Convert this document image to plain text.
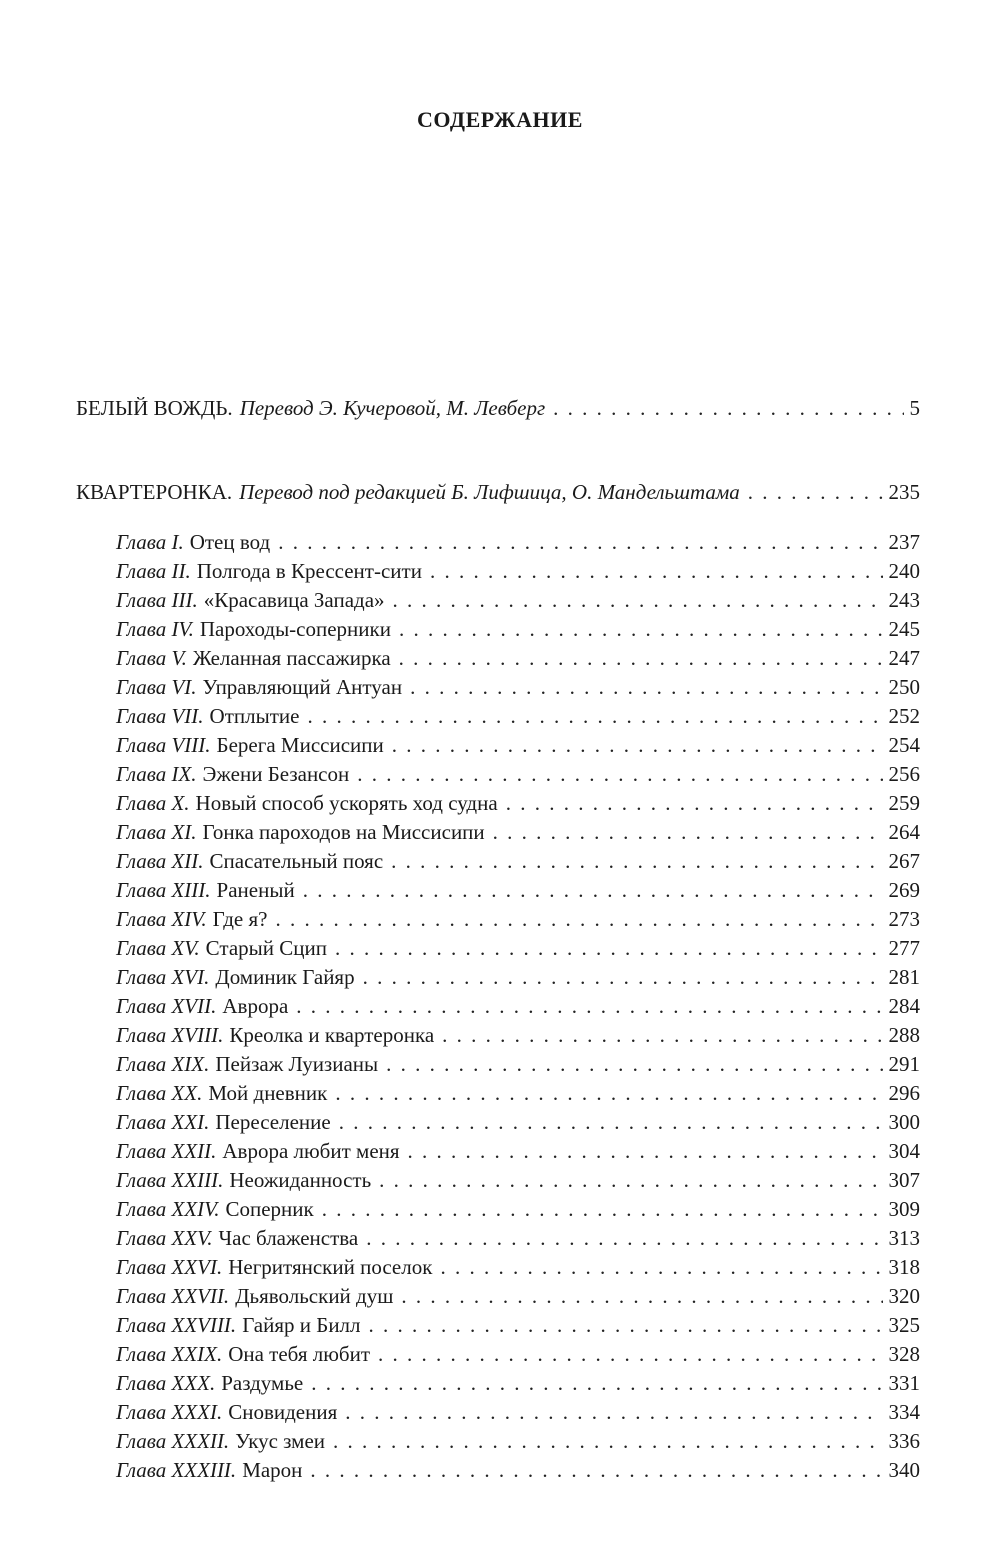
СОДЕРЖАНИЕ
БЕЛЫЙ ВОЖДЬ. Перевод Э. Кучеровой, М. Левберг . . .	5
КВАРТЕРОНКА. Перевод под редакцией Б. Лифшица, О. Мандельштама . . .	235
Глава I. Отец вод . . .	237
Глава II. Полгода в Крессент-сити . . .	240
Глава III. «Красавица Запада» . . .	243
Глава IV. Пароходы-соперники . . .	245
Глава V. Желанная пассажирка . . .	247
Глава VI. Управляющий Антуан . . .	250
Глава VII. Отплытие . . .	252
Глава VIII. Берега Миссисипи . . .	254
Глава IX. Эжени Безансон . . .	256
Глава X. Новый способ ускорять ход судна . . .	259
Глава XI. Гонка пароходов на Миссисипи . . .	264
Глава XII. Спасательный пояс . . .	267
Глава XIII. Раненый . . .	269
Глава XIV. Где я? . . .	273
Глава XV. Старый Сцип . . .	277
Глава XVI. Доминик Гайяр . . .	281
Глава XVII. Аврора . . .	284
Глава XVIII. Креолка и квартеронка . . .	288
Глава XIX. Пейзаж Луизианы . . .	291
Глава XX. Мой дневник . . .	296
Глава XXI. Переселение . . .	300
Глава XXII. Аврора любит меня . . .	304
Глава XXIII. Неожиданность . . .	307
Глава XXIV. Соперник . . .	309
Глава XXV. Час блаженства . . .	313
Глава XXVI. Негритянский поселок . . .	318
Глава XXVII. Дьявольский душ . . .	320
Глава XXVIII. Гайяр и Билл . . .	325
Глава XXIX. Она тебя любит . . .	328
Глава XXX. Раздумье . . .	331
Глава XXXI. Сновидения . . .	334
Глава XXXII. Укус змеи . . .	336
Глава XXXIII. Марон . . .	340
